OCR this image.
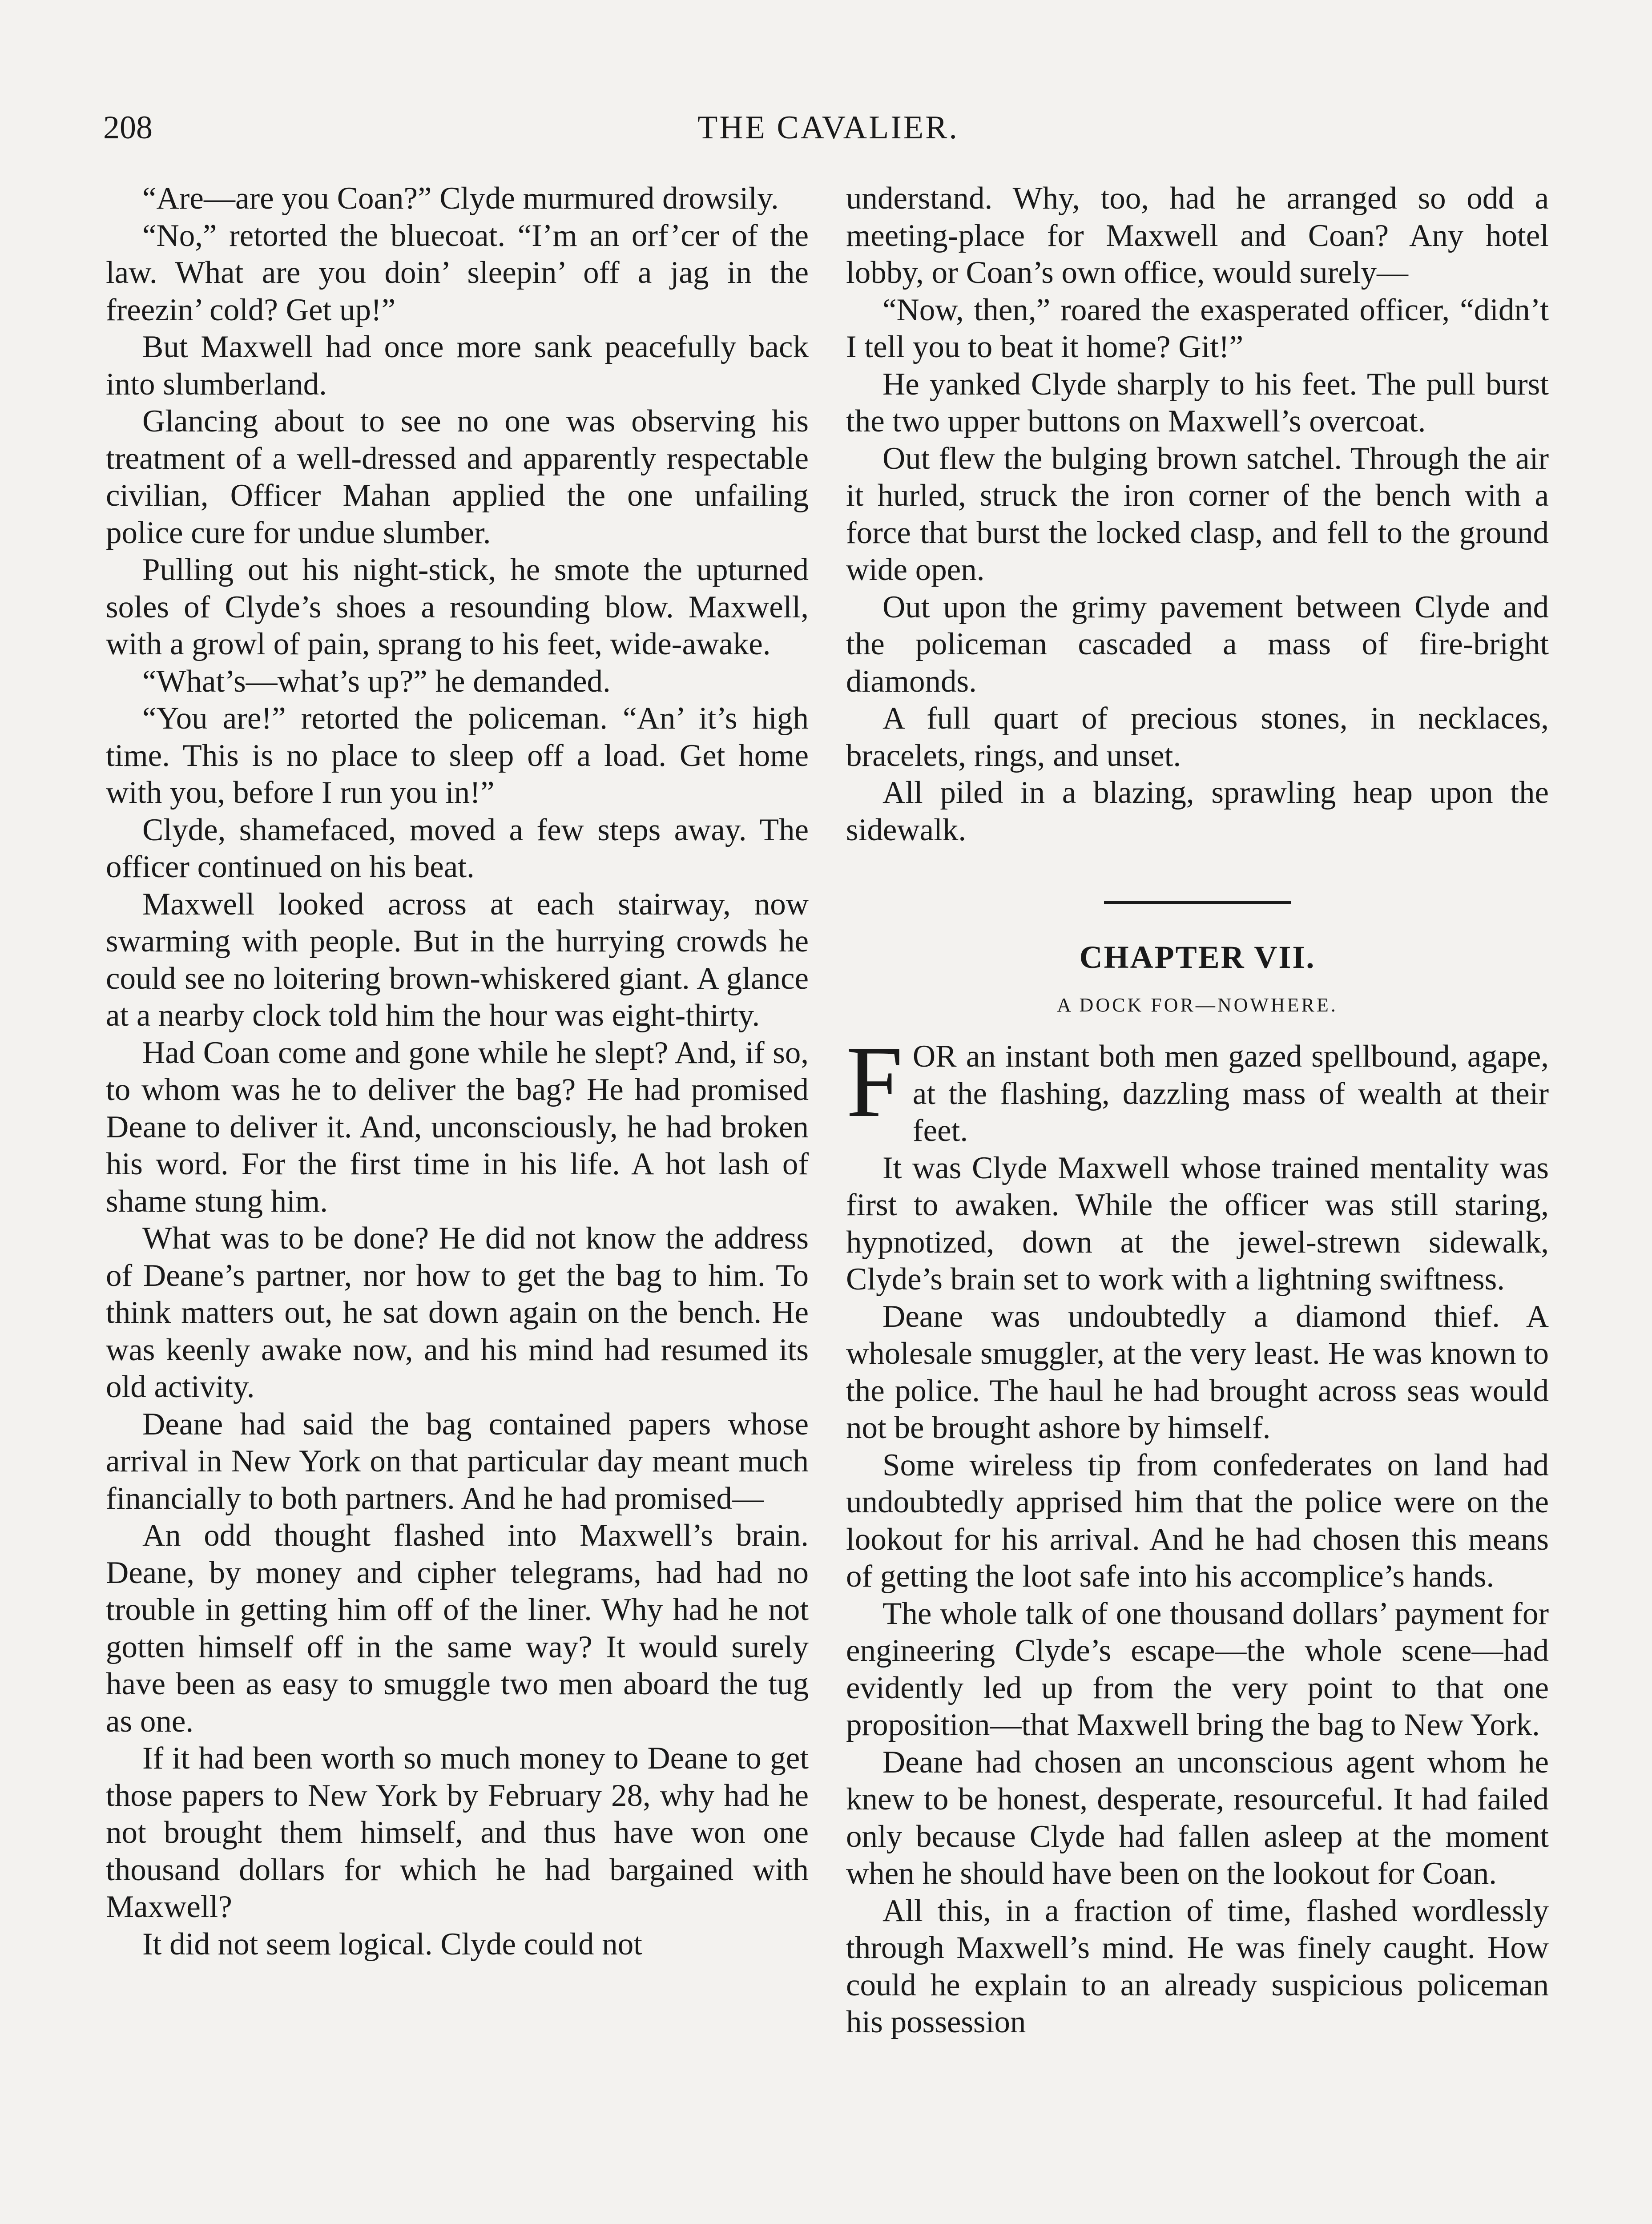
208	THE CAVALIER.

“Are—are you Coan?” Clyde murmured drowsily.

“No,” retorted the bluecoat. “I’m an orf’cer of the law. What are you doin’ sleepin’ off a jag in the freezin’ cold? Get up!”

But Maxwell had once more sank peacefully back into slumberland.

Glancing about to see no one was observing his treatment of a well-dressed and apparently respectable civilian, Officer Mahan applied the one unfailing police cure for undue slumber.

Pulling out his night-stick, he smote the upturned soles of Clyde’s shoes a resounding blow. Maxwell, with a growl of pain, sprang to his feet, wide-awake.

“What’s—what’s up?” he demanded.

“You are!” retorted the policeman. “An’ it’s high time. This is no place to sleep off a load. Get home with you, before I run you in!”

Clyde, shamefaced, moved a few steps away. The officer continued on his beat.

Maxwell looked across at each stairway, now swarming with people. But in the hurrying crowds he could see no loitering brown-whiskered giant. A glance at a nearby clock told him the hour was eight-thirty.

Had Coan come and gone while he slept? And, if so, to whom was he to deliver the bag? He had promised Deane to deliver it. And, unconsciously, he had broken his word. For the first time in his life. A hot lash of shame stung him.

What was to be done? He did not know the address of Deane’s partner, nor how to get the bag to him. To think matters out, he sat down again on the bench. He was keenly awake now, and his mind had resumed its old activity.

Deane had said the bag contained papers whose arrival in New York on that particular day meant much financially to both partners. And he had promised—

An odd thought flashed into Maxwell’s brain. Deane, by money and cipher telegrams, had had no trouble in getting him off of the liner. Why had he not gotten himself off in the same way? It would surely have been as easy to smuggle two men aboard the tug as one.

If it had been worth so much money to Deane to get those papers to New York by February 28, why had he not brought them himself, and thus have won one thousand dollars for which he had bargained with Maxwell?

It did not seem logical. Clyde could not

understand. Why, too, had he arranged so odd a meeting-place for Maxwell and Coan? Any hotel lobby, or Coan’s own office, would surely—

“Now, then,” roared the exasperated officer, “didn’t I tell you to beat it home? Git!”

He yanked Clyde sharply to his feet. The pull burst the two upper buttons on Maxwell’s overcoat.

Out flew the bulging brown satchel. Through the air it hurled, struck the iron corner of the bench with a force that burst the locked clasp, and fell to the ground wide open.

Out upon the grimy pavement between Clyde and the policeman cascaded a mass of fire-bright diamonds.

A full quart of precious stones, in necklaces, bracelets, rings, and unset.

All piled in a blazing, sprawling heap upon the sidewalk.

CHAPTER VII.
A DOCK FOR—NOWHERE.

FOR an instant both men gazed spellbound, agape, at the flashing, dazzling mass of wealth at their feet.

It was Clyde Maxwell whose trained mentality was first to awaken. While the officer was still staring, hypnotized, down at the jewel-strewn sidewalk, Clyde’s brain set to work with a lightning swiftness.

Deane was undoubtedly a diamond thief. A wholesale smuggler, at the very least. He was known to the police. The haul he had brought across seas would not be brought ashore by himself.

Some wireless tip from confederates on land had undoubtedly apprised him that the police were on the lookout for his arrival. And he had chosen this means of getting the loot safe into his accomplice’s hands.

The whole talk of one thousand dollars’ payment for engineering Clyde’s escape—the whole scene—had evidently led up from the very point to that one proposition—that Maxwell bring the bag to New York.

Deane had chosen an unconscious agent whom he knew to be honest, desperate, resourceful. It had failed only because Clyde had fallen asleep at the moment when he should have been on the lookout for Coan.

All this, in a fraction of time, flashed wordlessly through Maxwell’s mind. He was finely caught. How could he explain to an already suspicious policeman his possession
